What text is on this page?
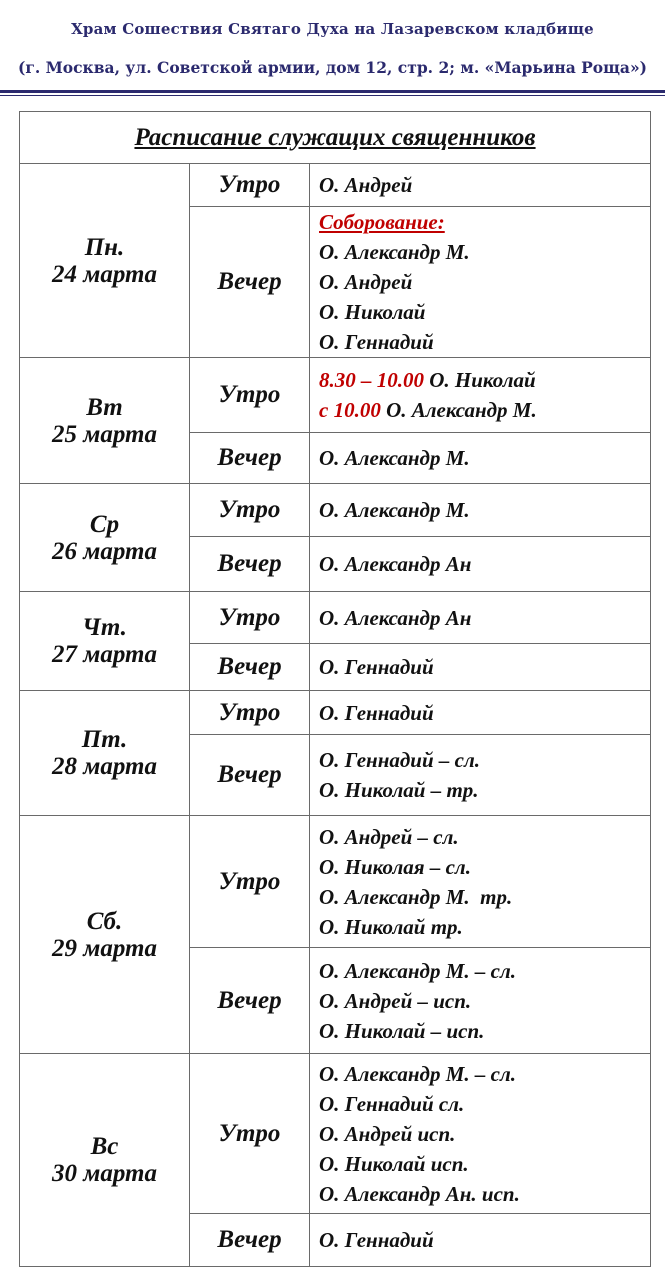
Храм Сошествия Святаго Духа на Лазаревском кладбище
(г. Москва, ул. Советской армии, дом 12, стр. 2; м. «Марьина Роща»)
Расписание служащих священников		

Пн.
24 марта	Утро	О. Андрей

	Вечер	Соборование:
О. Александр М.
О. Андрей
О. Николай
О. Геннадий

Вт
25 марта	Утро	8.30 – 10.00 О. Николай
с 10.00 О. Александр М.

	Вечер	О. Александр М.

Ср
26 марта	Утро	О. Александр М.

	Вечер	О. Александр Ан

Чт.
27 марта	Утро	О. Александр Ан

	Вечер	О. Геннадий

Пт.
28 марта	Утро	О. Геннадий

	Вечер	О. Геннадий – сл.
О. Николай – тр.

Сб.
29 марта	Утро	О. Андрей – сл.
О. Николая – сл.
О. Александр М.  тр.
О. Николай тр.

	Вечер	О. Александр М. – сл.
О. Андрей – исп.
О. Николай – исп.

Вс
30 марта	Утро	О. Александр М. – сл.
О. Геннадий сл.
О. Андрей исп.
О. Николай исп.
О. Александр Ан. исп.

	Вечер	О. Геннадий
